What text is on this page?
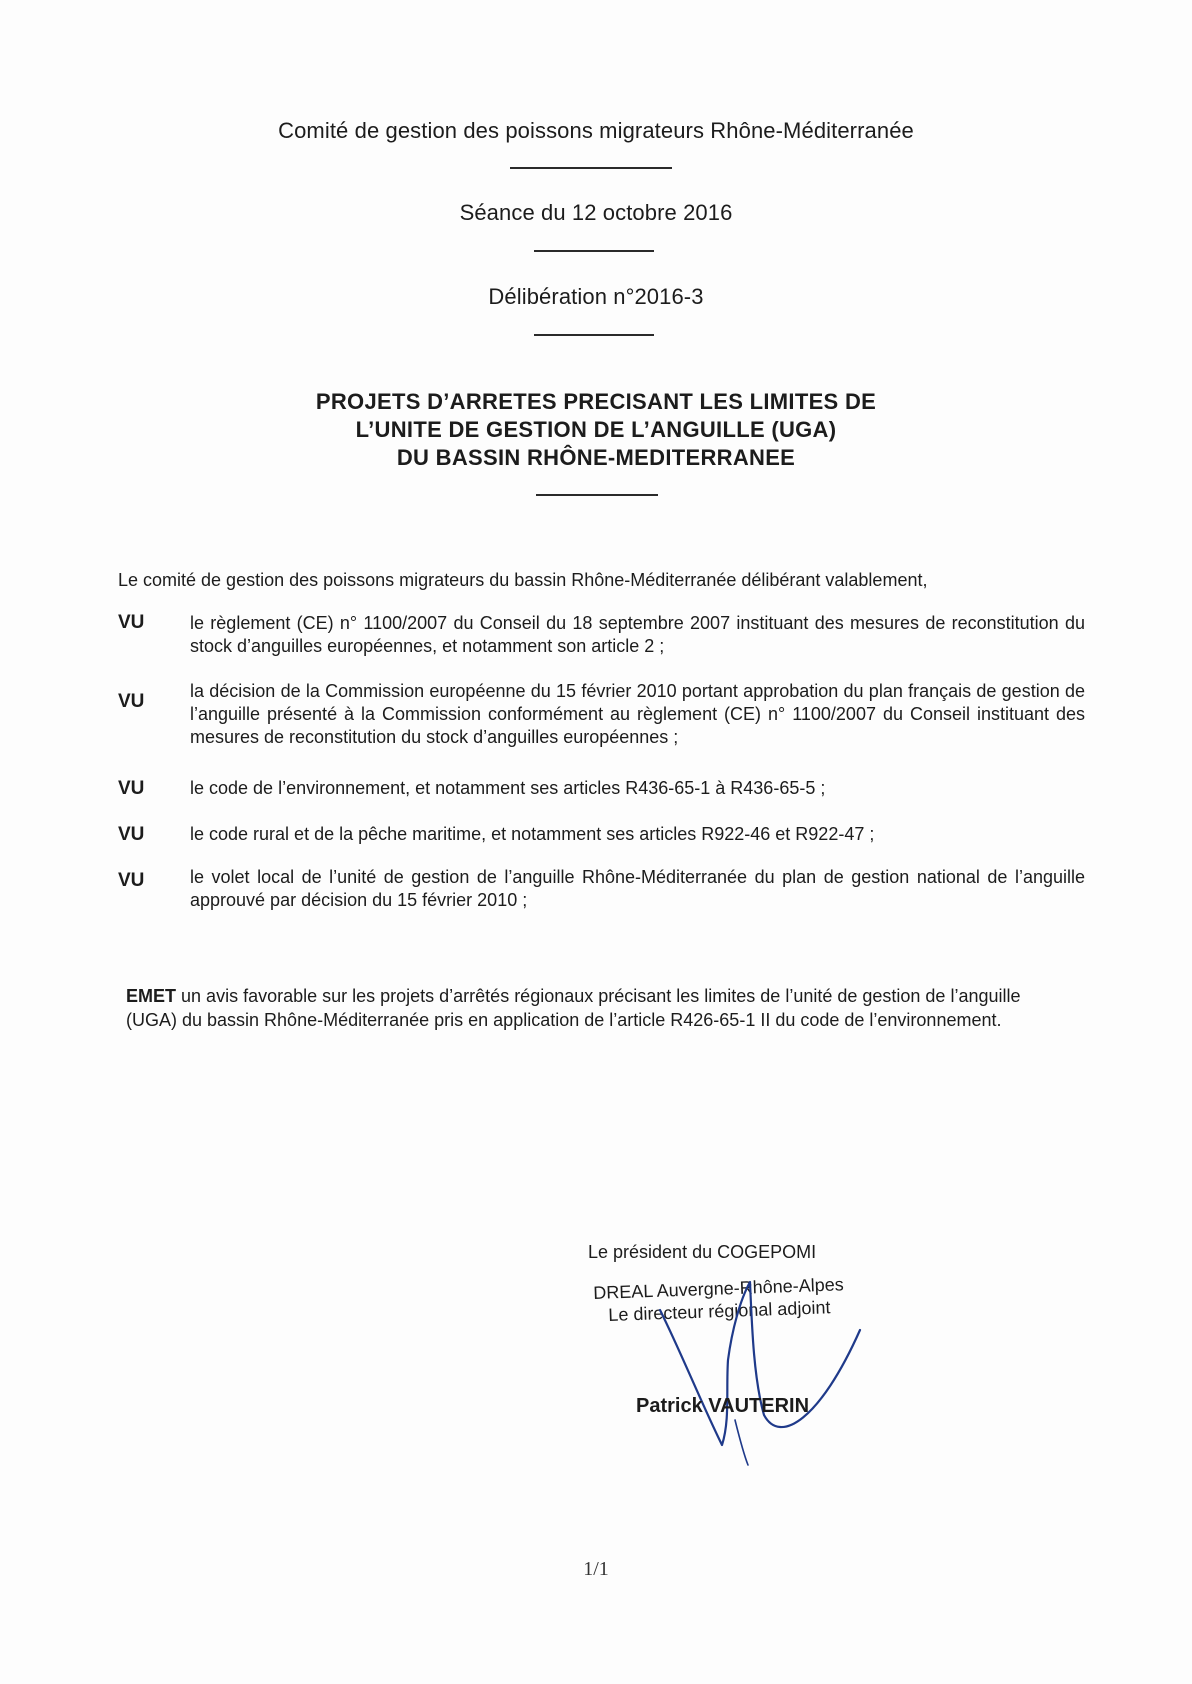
Comité de gestion des poissons migrateurs Rhône-Méditerranée
Séance du 12 octobre 2016
Délibération n°2016-3
PROJETS D’ARRETES PRECISANT LES LIMITES DE
L’UNITE DE GESTION DE L’ANGUILLE (UGA)
DU BASSIN RHÔNE-MEDITERRANEE
Le comité de gestion des poissons migrateurs du bassin Rhône-Méditerranée délibérant valablement,
VU	le règlement (CE) n° 1100/2007 du Conseil du 18 septembre 2007 instituant des mesures de reconstitution du stock d’anguilles européennes, et notamment son article 2 ;
VU	la décision de la Commission européenne du 15 février 2010 portant approbation du plan français de gestion de l’anguille présenté à la Commission conformément au règlement (CE) n° 1100/2007 du Conseil instituant des mesures de reconstitution du stock d’anguilles européennes ;
VU	le code de l’environnement, et notamment ses articles R436-65-1 à R436-65-5 ;
VU	le code rural et de la pêche maritime, et notamment ses articles R922-46 et R922-47 ;
VU	le volet local de l’unité de gestion de l’anguille Rhône-Méditerranée du plan de gestion national de l’anguille approuvé par décision du 15 février 2010 ;
EMET un avis favorable sur les projets d’arrêtés régionaux précisant les limites de l’unité de gestion de l’anguille (UGA) du bassin Rhône-Méditerranée pris en application de l’article R426-65-1 II du code de l’environnement.
Le président du COGEPOMI
DREAL Auvergne-Rhône-Alpes
Le directeur régional adjoint
Patrick VAUTERIN
1/1
